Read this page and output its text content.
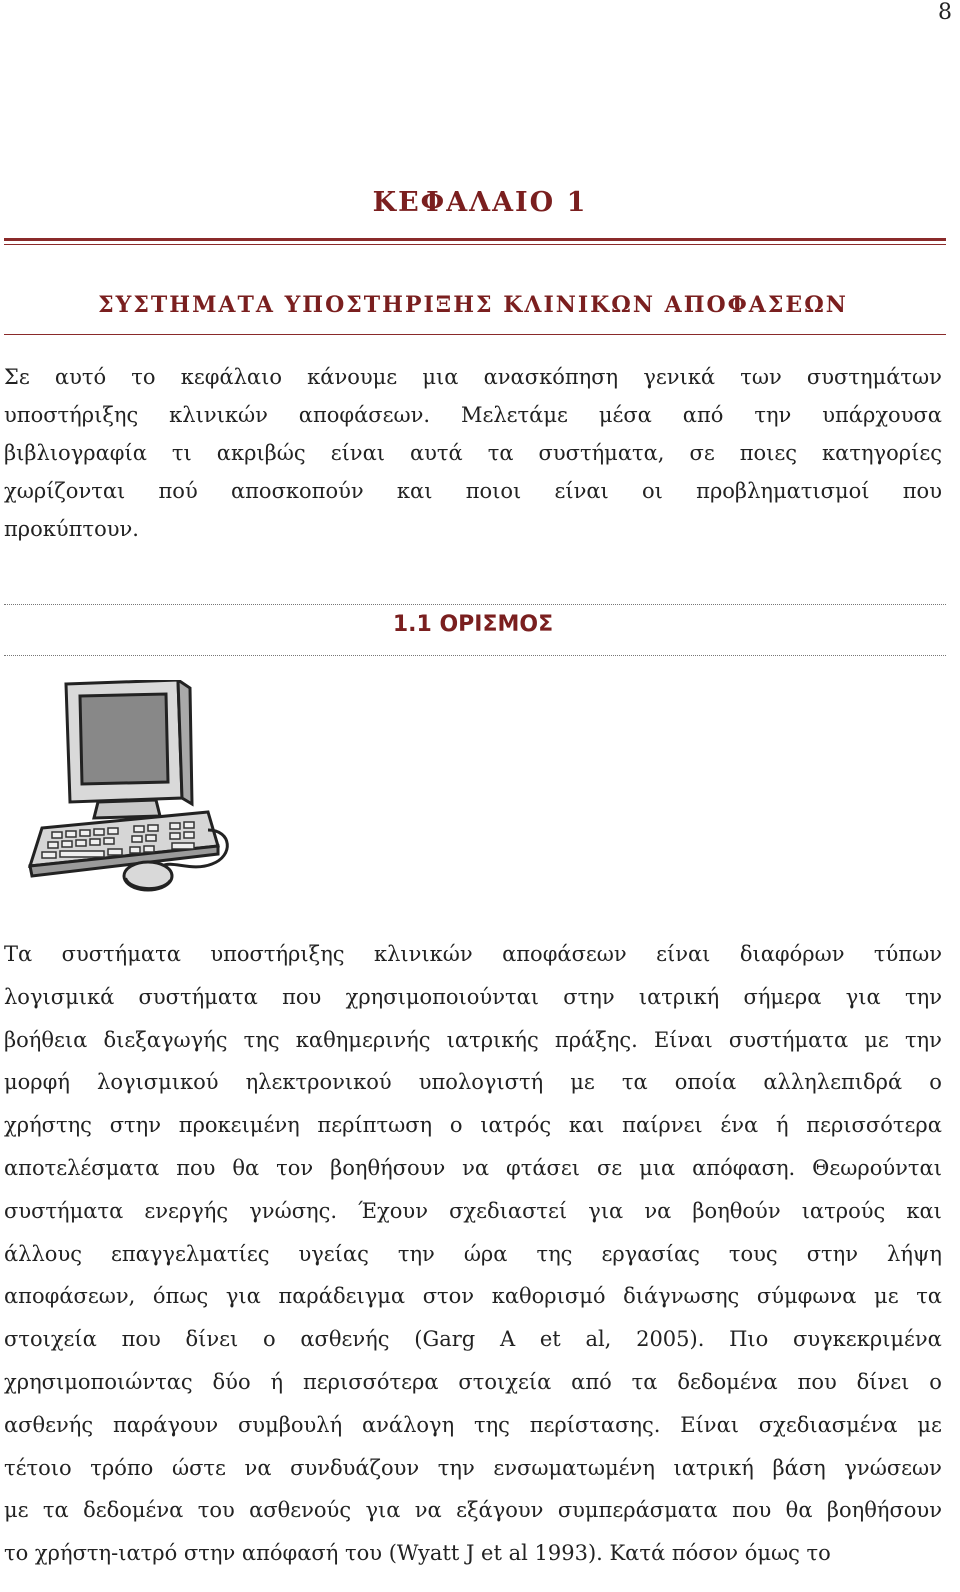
8
ΚΕΦΑΛΑΙΟ 1
ΣΥΣΤΗΜΑΤΑ ΥΠΟΣΤΗΡΙΞΗΣ ΚΛΙΝΙΚΩΝ ΑΠΟΦΑΣΕΩΝ
Σε αυτό το κεφάλαιο κάνουμε μια ανασκόπηση γενικά των συστημάτων
υποστήριξης κλινικών αποφάσεων. Μελετάμε μέσα από την υπάρχουσα
βιβλιογραφία τι ακριβώς είναι αυτά τα συστήματα, σε ποιες κατηγορίες
χωρίζονται πού αποσκοπούν και ποιοι είναι οι προβληματισμοί που
προκύπτουν.
1.1 ΟΡΙΣΜΟΣ
Τα συστήματα υποστήριξης κλινικών αποφάσεων είναι διαφόρων τύπων
λογισμικά συστήματα που χρησιμοποιούνται στην ιατρική σήμερα για την
βοήθεια διεξαγωγής της καθημερινής ιατρικής πράξης. Είναι συστήματα με την
μορφή λογισμικού ηλεκτρονικού υπολογιστή με τα οποία αλληλεπιδρά ο
χρήστης στην προκειμένη περίπτωση ο ιατρός και παίρνει ένα ή περισσότερα
αποτελέσματα που θα τον βοηθήσουν να φτάσει σε μια απόφαση. Θεωρούνται
συστήματα ενεργής γνώσης. Έχουν σχεδιαστεί για να βοηθούν ιατρούς και
άλλους επαγγελματίες υγείας την ώρα της εργασίας τους στην λήψη
αποφάσεων, όπως για παράδειγμα στον καθορισμό διάγνωσης σύμφωνα με τα
στοιχεία που δίνει ο ασθενής (Garg A et al, 2005). Πιο συγκεκριμένα
χρησιμοποιώντας δύο ή περισσότερα στοιχεία από τα δεδομένα που δίνει ο
ασθενής παράγουν συμβουλή ανάλογη της περίστασης. Είναι σχεδιασμένα με
τέτοιο τρόπο ώστε να συνδυάζουν την ενσωματωμένη ιατρική βάση γνώσεων
με τα δεδομένα του ασθενούς για να εξάγουν συμπεράσματα που θα βοηθήσουν
το χρήστη-ιατρό στην απόφασή του (Wyatt J et al 1993). Κατά πόσον όμως το
